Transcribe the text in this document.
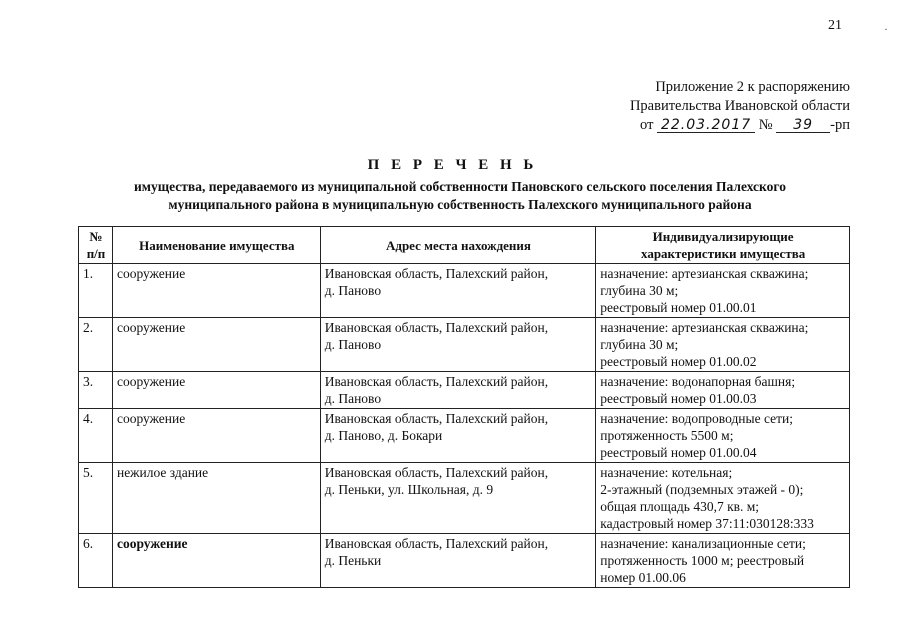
21	·
Приложение 2 к распоряжению
Правительства Ивановской области
от 22.03.2017 № 39 -рп
П Е Р Е Ч Е Н Ь
имущества, передаваемого из муниципальной собственности Пановского сельского поселения Палехского
муниципального района в муниципальную собственность Палехского муниципального района
№
п/п	Наименование имущества	Адрес места нахождения	Индивидуализирующие
характеристики имущества

1.	сооружение	Ивановская область, Палехский район,
д. Паново	назначение: артезианская скважина;
глубина 30 м;
реестровый номер 01.00.01

2.	сооружение	Ивановская область, Палехский район,
д. Паново	назначение: артезианская скважина;
глубина 30 м;
реестровый номер 01.00.02

3.	сооружение	Ивановская область, Палехский район,
д. Паново	назначение: водонапорная башня;
реестровый номер 01.00.03

4.	сооружение	Ивановская область, Палехский район,
д. Паново, д. Бокари	назначение: водопроводные сети;
протяженность 5500 м;
реестровый номер 01.00.04

5.	нежилое здание	Ивановская область, Палехский район,
д. Пеньки, ул. Школьная, д. 9	назначение: котельная;
2-этажный (подземных этажей - 0);
общая площадь 430,7 кв. м;
кадастровый номер 37:11:030128:333

6.	сооружение	Ивановская область, Палехский район,
д. Пеньки	назначение: канализационные сети;
протяженность 1000 м; реестровый
номер 01.00.06
